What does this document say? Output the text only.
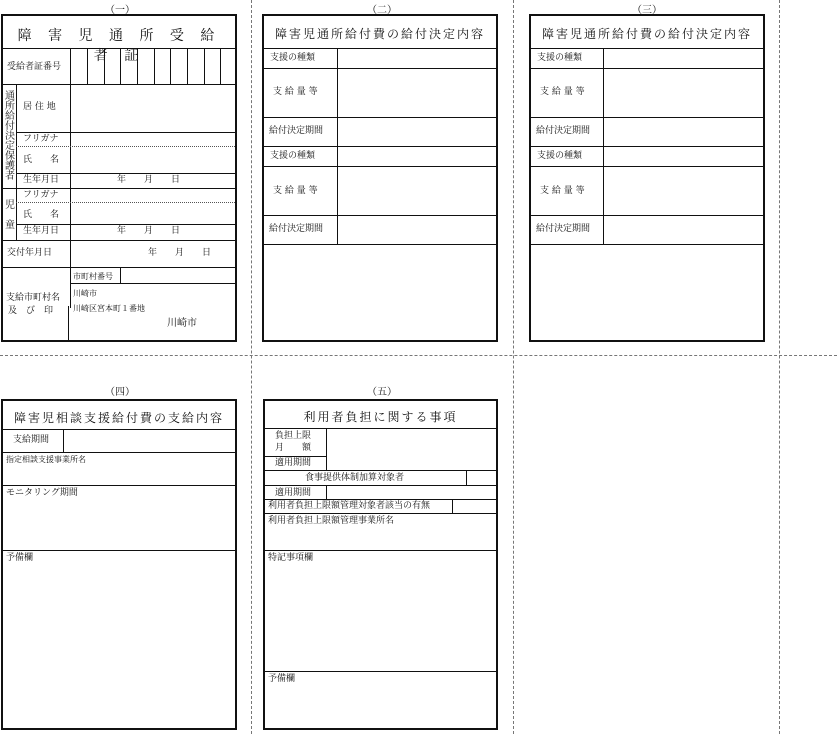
（一）
障 害 児 通 所 受 給 者 証
受給者証番号
通所給付決定保護者
居 住 地
フリガナ
氏　　名
生年月日	年　　月　　日
児童
フリガナ
氏　　名
生年月日	年　　月　　日
交付年月日	年　　月　　日
市町村番号
支給市町村名
及　び　印
川崎市
川崎区宮本町１番地
川崎市
（二）
障害児通所給付費の給付決定内容
支援の種類
支 給 量 等
給付決定期間
支援の種類
支 給 量 等
給付決定期間
（三）
障害児通所給付費の給付決定内容
支援の種類
支 給 量 等
給付決定期間
支援の種類
支 給 量 等
給付決定期間
（四）
障害児相談支援給付費の支給内容
支給期間
指定相談支援事業所名
モニタリング期間
予備欄
（五）
利用者負担に関する事項
負担上限
月　　額
適用期間
食事提供体制加算対象者
適用期間
利用者負担上限額管理対象者該当の有無
利用者負担上限額管理事業所名
特記事項欄
予備欄
